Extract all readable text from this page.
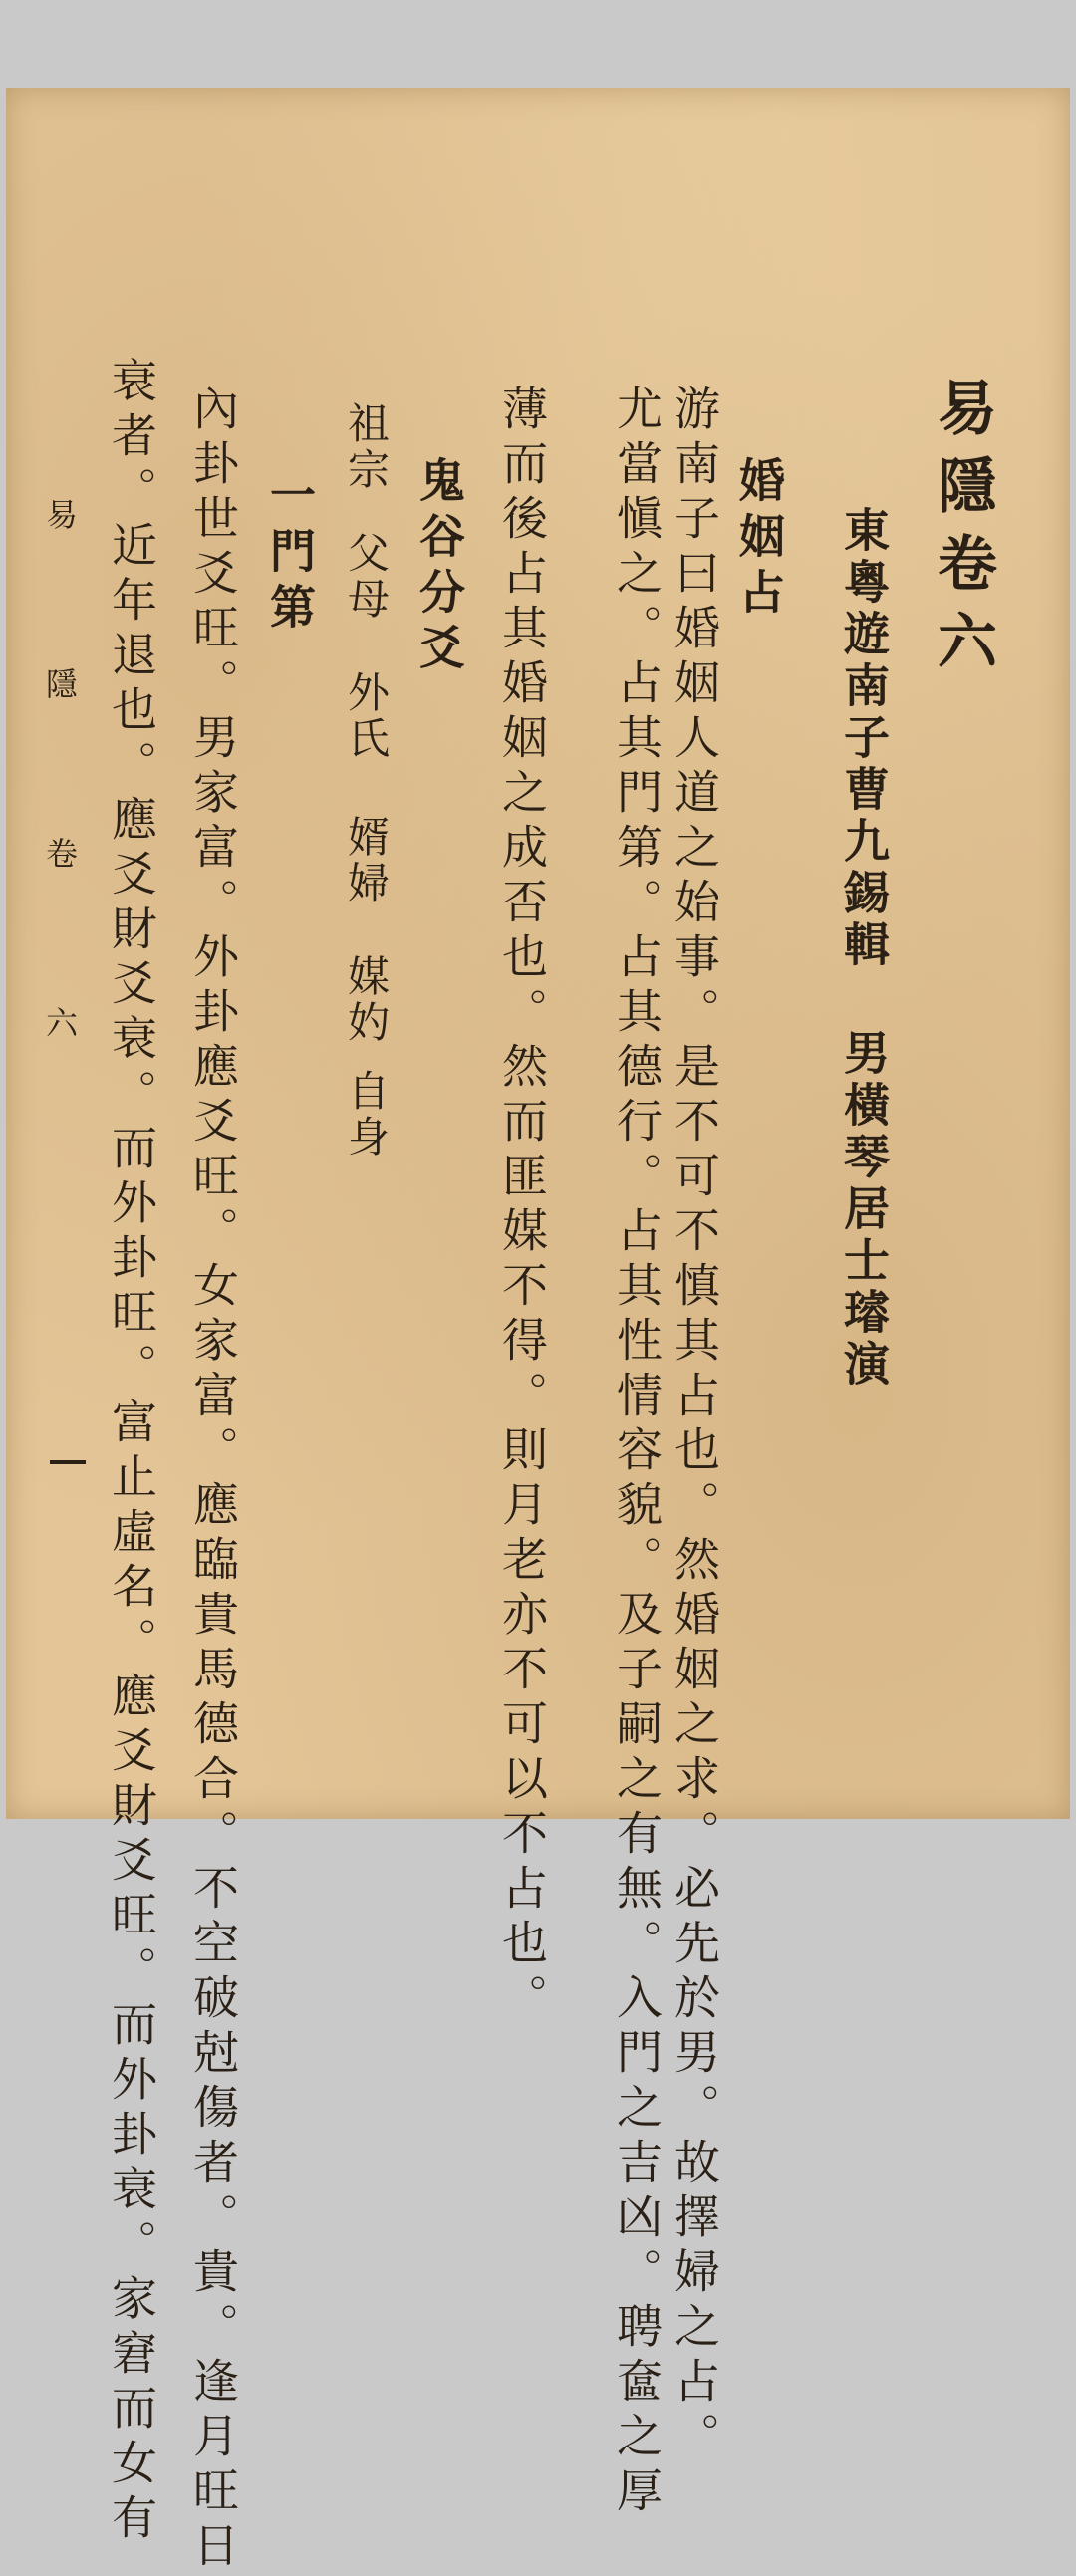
易隱卷六
東粵遊南子曹九錫輯
男橫琴居士璿演
婚姻占
游南子曰婚姻人道之始事。是不可不慎其占也。然婚姻之求。必先於男。故擇婦之占。
尤當愼之。占其門第。占其德行。占其性情容貌。及子嗣之有無。入門之吉凶。聘奩之厚
薄而後占其婚姻之成否也。然而匪媒不得。則月老亦不可以不占也。
鬼谷分爻
祖宗
父母
外氏
婿婦
媒妁
自身
一門第
內卦世爻旺。男家富。外卦應爻旺。女家富。應臨貴馬德合。不空破尅傷者。貴。逢月旺日
衰者。近年退也。應爻財爻衰。而外卦旺。富止虛名。應爻財爻旺。而外卦衰。家窘而女有
易 隱 卷 六
